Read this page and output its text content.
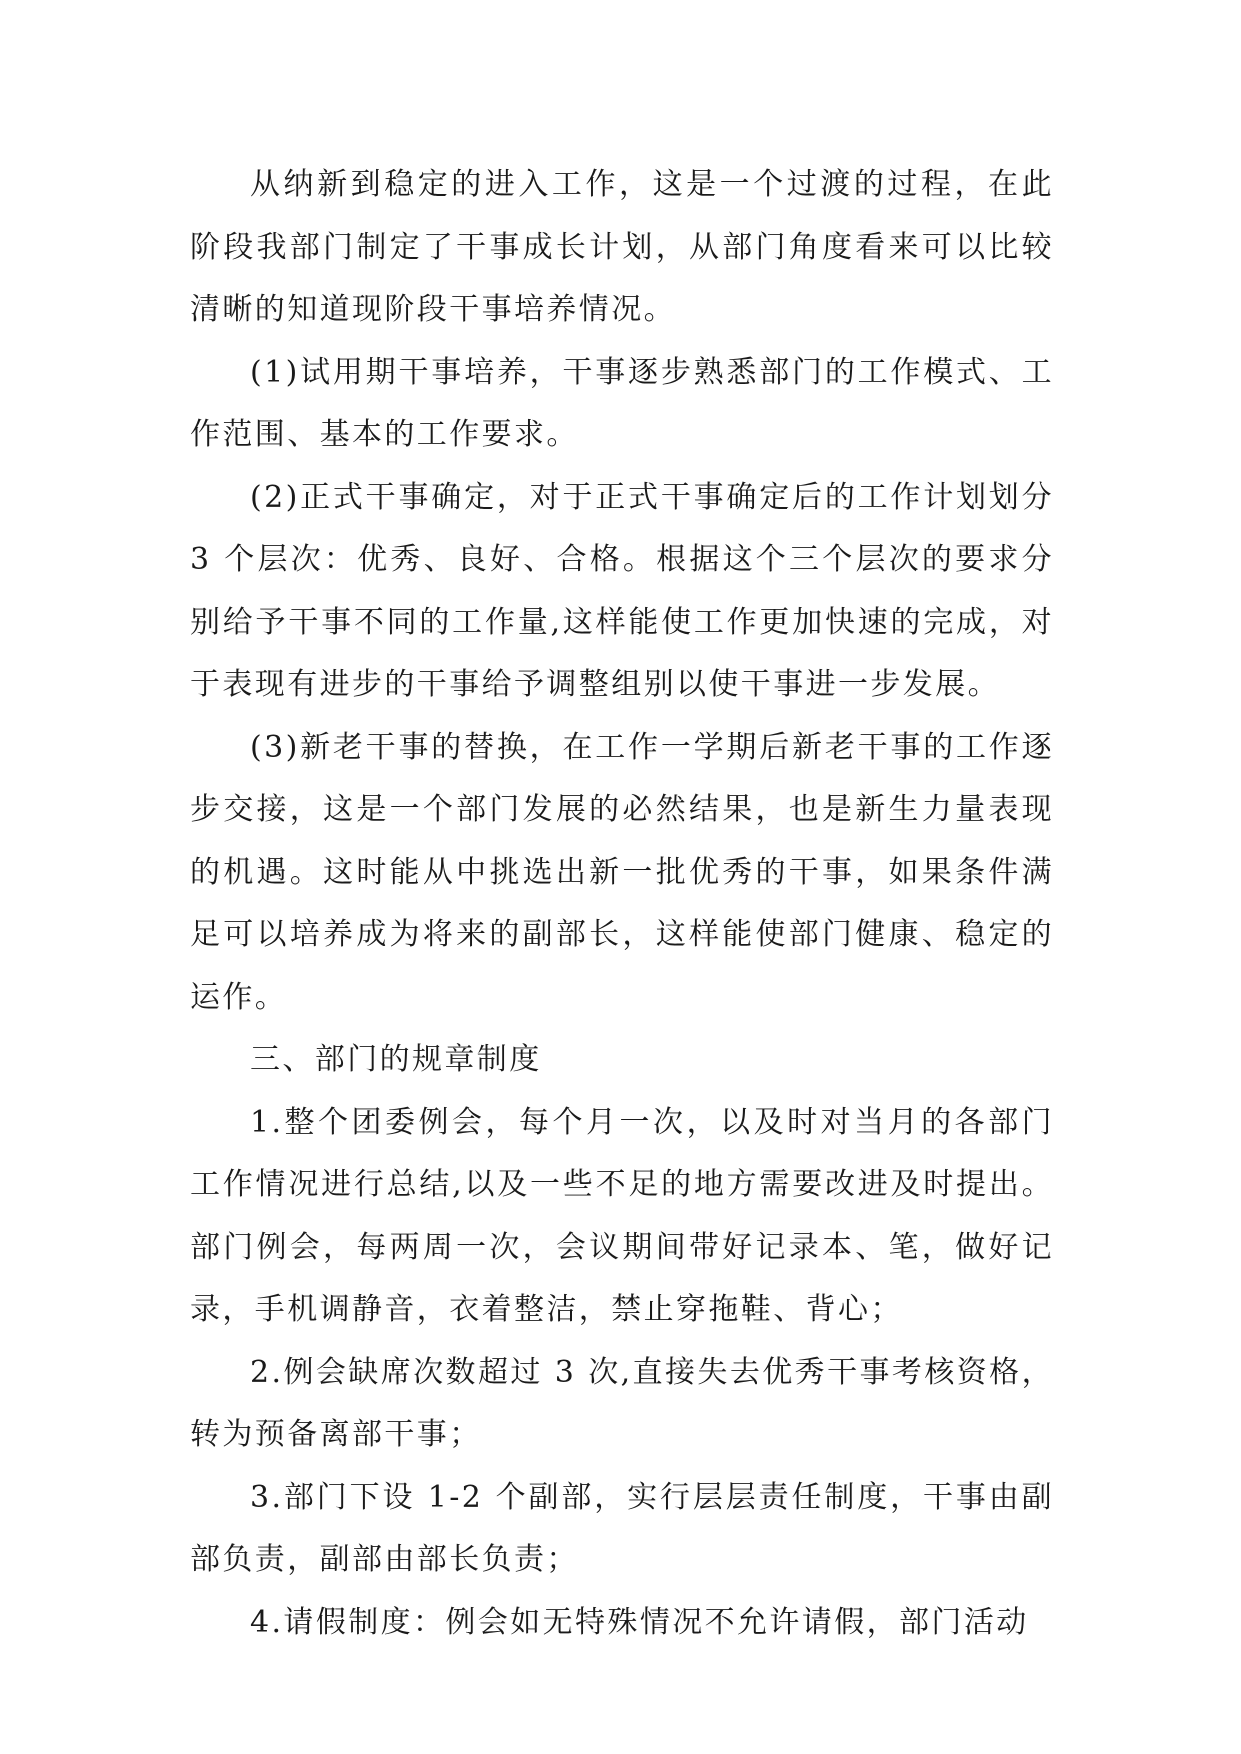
从纳新到稳定的进入工作，这是一个过渡的过程，在此阶段我部门制定了干事成长计划，从部门角度看来可以比较清晰的知道现阶段干事培养情况。

(1)试用期干事培养，干事逐步熟悉部门的工作模式、工作范围、基本的工作要求。

(2)正式干事确定，对于正式干事确定后的工作计划划分 3 个层次：优秀、良好、合格。根据这个三个层次的要求分别给予干事不同的工作量,这样能使工作更加快速的完成，对于表现有进步的干事给予调整组别以使干事进一步发展。

(3)新老干事的替换，在工作一学期后新老干事的工作逐步交接，这是一个部门发展的必然结果，也是新生力量表现的机遇。这时能从中挑选出新一批优秀的干事，如果条件满足可以培养成为将来的副部长，这样能使部门健康、稳定的运作。

三、部门的规章制度

1.整个团委例会，每个月一次，以及时对当月的各部门工作情况进行总结,以及一些不足的地方需要改进及时提出。部门例会，每两周一次，会议期间带好记录本、笔，做好记录，手机调静音，衣着整洁，禁止穿拖鞋、背心；

2.例会缺席次数超过 3 次,直接失去优秀干事考核资格，转为预备离部干事；

3.部门下设 1-2 个副部，实行层层责任制度，干事由副部负责，副部由部长负责；

4.请假制度：例会如无特殊情况不允许请假，部门活动
